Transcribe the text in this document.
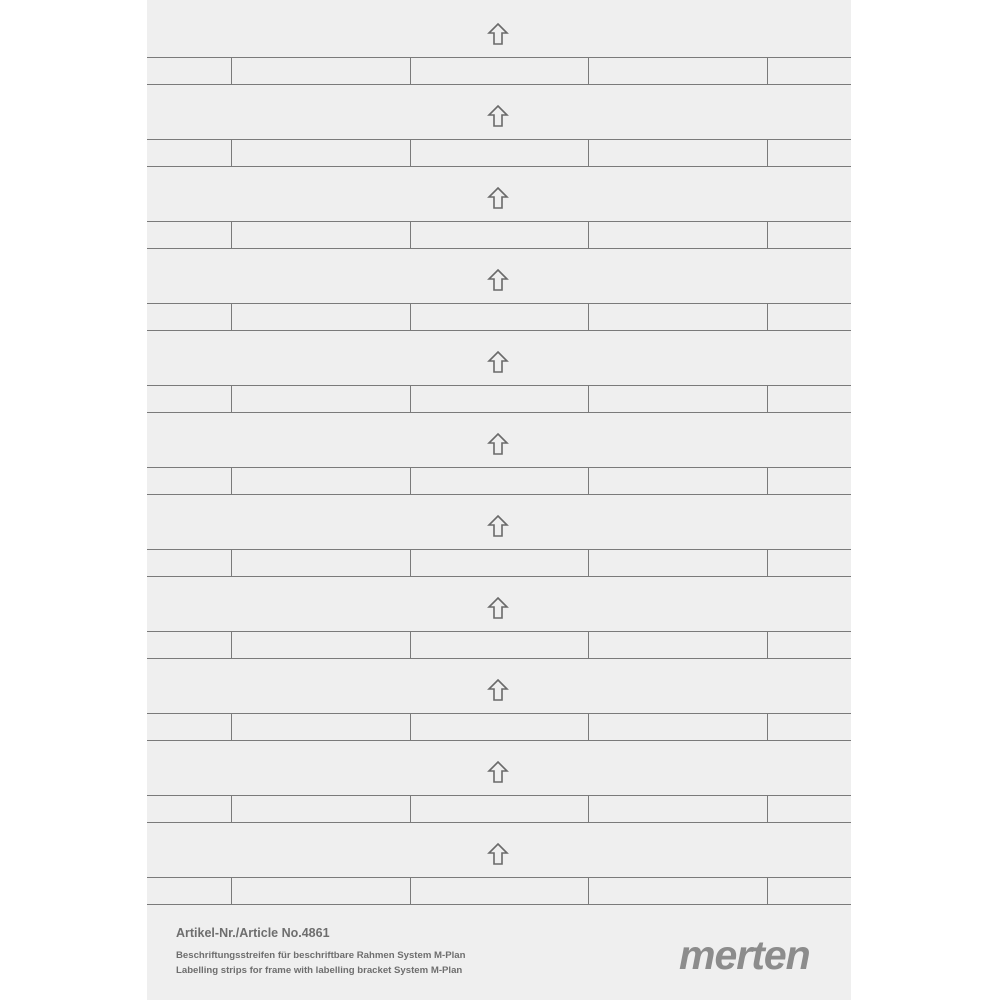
Artikel-Nr./Article No.4861
Beschriftungsstreifen für beschriftbare Rahmen System M-Plan
Labelling strips for frame with labelling bracket System M-Plan	merten
